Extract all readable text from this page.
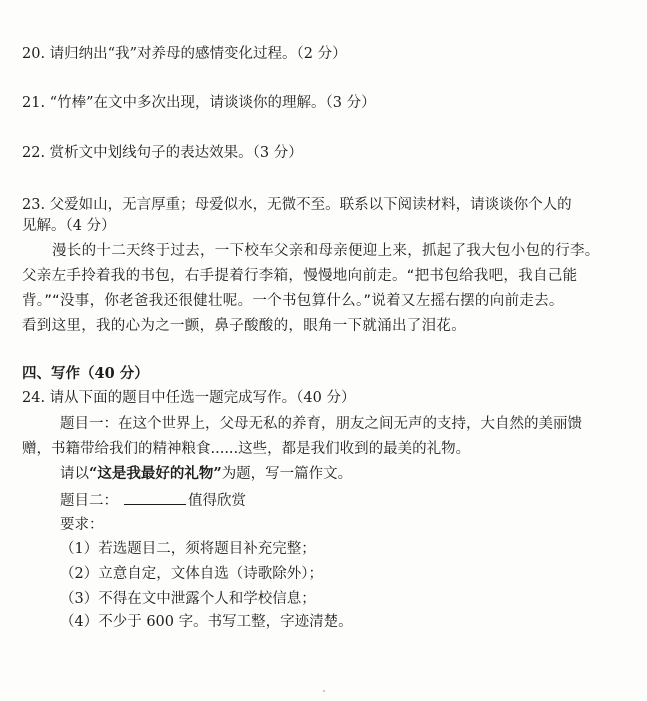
20. 请归纳出“我”对养母的感情变化过程。（2 分）
21. “竹棒”在文中多次出现，请谈谈你的理解。（3 分）
22. 赏析文中划线句子的表达效果。（3 分）
23. 父爱如山，无言厚重；母爱似水，无微不至。联系以下阅读材料，请谈谈你个人的
见解。（4 分）
漫长的十二天终于过去，一下校车父亲和母亲便迎上来，抓起了我大包小包的行李。
父亲左手拎着我的书包，右手提着行李箱，慢慢地向前走。“把书包给我吧，我自己能
背。”“没事，你老爸我还很健壮呢。一个书包算什么。”说着又左摇右摆的向前走去。
看到这里，我的心为之一颤，鼻子酸酸的，眼角一下就涌出了泪花。
四、写作（40 分）
24. 请从下面的题目中任选一题完成写作。（40 分）
题目一：在这个世界上，父母无私的养育，朋友之间无声的支持，大自然的美丽馈
赠，书籍带给我们的精神粮食......这些，都是我们收到的最美的礼物。
请以“这是我最好的礼物”为题，写一篇作文。
题目二：	值得欣赏
要求：
（1）若选题目二，须将题目补充完整；
（2）立意自定，文体自选（诗歌除外）；
（3）不得在文中泄露个人和学校信息；
（4）不少于 600 字。书写工整，字迹清楚。
